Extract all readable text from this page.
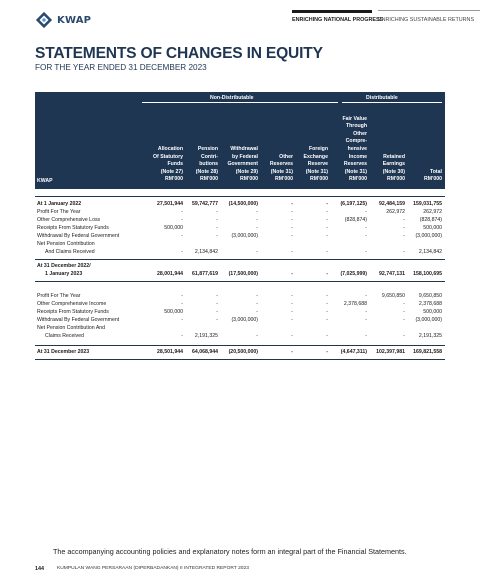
KWAP	ENRICHING NATIONAL PROGRESS
ENRICHING SUSTAINABLE RETURNS
STATEMENTS OF CHANGES IN EQUITY
FOR THE YEAR ENDED 31 DECEMBER 2023
Non-Distributable	Distributable
KWAP
Allocation
Of Statutory
Funds
(Note 27)
RM'000
Pension
Contri-
butions
(Note 28)
RM'000
Withdrawal
by Federal
Government
(Note 29)
RM'000
Other
Reserves
(Note 31)
RM'000
Foreign
Exchange
Reserve
(Note 31)
RM'000
Fair Value
Through
Other
Compre-
hensive
Income
Reserves
(Note 31)
RM'000
Retained
Earnings
(Note 30)
RM'000
Total
RM'000
At 1 January 2022	27,501,944 59,742,777 (14,500,000)	-	- (6,197,125) 92,484,159 159,031,755
Profit For The Year	-	-	-	-	-	-	262,972	262,972
Other Comprehensive Loss	-	-	-	-	-	(828,874)	-	(828,874)
Receipts From Statutory Funds	500,000	-	-	-	-	-	-	500,000
Withdrawal By Federal Government	-	-	(3,000,000)	-	-	-	- (3,000,000)
Net Pension Contribution
And Claims Received	- 2,134,842	-	-	-	-	-	2,134,842
At 31 December 2022/
1 January 2023	28,001,944 61,877,619 (17,500,000)	-	- (7,025,999) 92,747,131 158,100,695
Profit For The Year	-	-	-	-	-	-	9,650,850	9,650,850
Other Comprehensive Income	-	-	-	-	-	2,378,688	-	2,378,688
Receipts From Statutory Funds	500,000	-	-	-	-	-	-	500,000
Withdrawal By Federal Government	-	-	(3,000,000)	-	-	-	- (3,000,000)
Net Pension Contribution And
Claims Received	- 2,191,325	-	-	-	-	-	2,191,325
At 31 December 2023	28,501,944 64,068,944 (20,500,000)	-	- (4,647,311) 102,397,981 169,821,558
The accompanying accounting policies and explanatory notes form an integral part of the Financial Statements.
144	KUMPULAN WANG PERSARAAN (DIPERBADANKAN) II INTEGRATED REPORT 2023
